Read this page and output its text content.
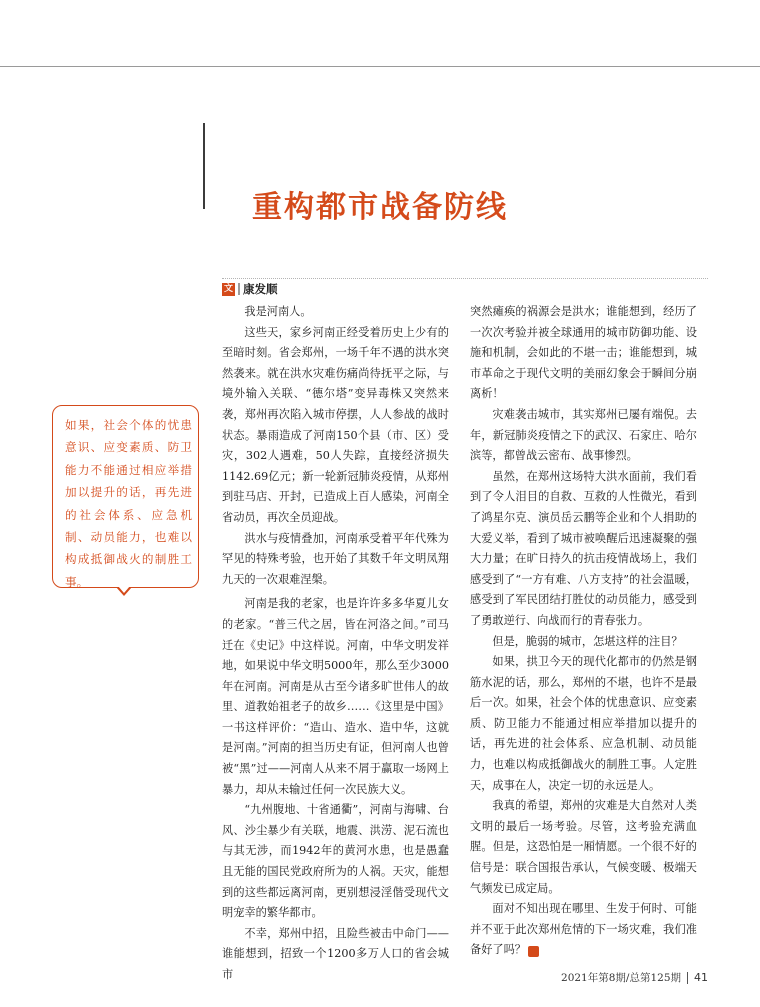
重构都市战备防线
文 康发顺

我是河南人。

这些天，家乡河南正经受着历史上少有的至暗时刻。省会郑州，一场千年不遇的洪水突然袭来。就在洪水灾难伤痛尚待抚平之际，与境外输入关联、“德尔塔”变异毒株又突然来袭，郑州再次陷入城市停摆，人人参战的战时状态。暴雨造成了河南150个县（市、区）受灾，302人遇难，50人失踪，直接经济损失1142.69亿元；新一轮新冠肺炎疫情，从郑州到驻马店、开封，已造成上百人感染，河南全省动员，再次全员迎战。

洪水与疫情叠加，河南承受着平年代殊为罕见的特殊考验，也开始了其数千年文明凤翔九天的一次艰难涅槃。

河南是我的老家，也是许许多多华夏儿女的老家。“普三代之居，皆在河洛之间。”司马迁在《史记》中这样说。河南，中华文明发祥地，如果说中华文明5000年，那么至少3000年在河南。河南是从古至今诸多旷世伟人的故里、道教始祖老子的故乡……《这里是中国》一书这样评价：“造山、造水、造中华，这就是河南。”河南的担当历史有证，但河南人也曾被“黑”过——河南人从来不屑于赢取一场网上暴力，却从未输过任何一次民族大义。

“九州腹地、十省通衢”，河南与海啸、台风、沙尘暴少有关联，地震、洪涝、泥石流也与其无涉，而1942年的黄河水患，也是愚蠢且无能的国民党政府所为的人祸。天灾，能想到的这些都远离河南，更别想浸淫偕受现代文明宠幸的繁华都市。

不幸，郑州中招，且险些被击中命门——谁能想到，招致一个1200多万人口的省会城市

突然瘫痪的祸源会是洪水；谁能想到，经历了一次次考验并被全球通用的城市防御功能、设施和机制，会如此的不堪一击；谁能想到，城市革命之于现代文明的美丽幻象会于瞬间分崩离析！

灾难袭击城市，其实郑州已屡有端倪。去年，新冠肺炎疫情之下的武汉、石家庄、哈尔滨等，都曾战云密布、战事惨烈。

虽然，在郑州这场特大洪水面前，我们看到了令人泪目的自救、互救的人性微光，看到了鸿星尔克、演员岳云鹏等企业和个人捐助的大爱义举，看到了城市被唤醒后迅速凝聚的强大力量；在旷日持久的抗击疫情战场上，我们感受到了“一方有难、八方支持”的社会温暖，感受到了军民团结打胜仗的动员能力，感受到了勇敢逆行、向战而行的青春张力。

但是，脆弱的城市，怎堪这样的注目？

如果，拱卫今天的现代化都市的仍然是钢筋水泥的话，那么，郑州的不堪，也许不是最后一次。如果，社会个体的忧患意识、应变素质、防卫能力不能通过相应举措加以提升的话，再先进的社会体系、应急机制、动员能力，也难以构成抵御战火的制胜工事。人定胜天，成事在人，决定一切的永远是人。

我真的希望，郑州的灾难是大自然对人类文明的最后一场考验。尽管，这考验充满血腥。但是，这恐怕是一厢情愿。一个很不好的信号是：联合国报告承认，气候变暖、极端天气频发已成定局。

面对不知出现在哪里、生发于何时、可能并不亚于此次郑州危情的下一场灾难，我们准备好了吗？	G

如果，社会个体的忧患意识、应变素质、防卫能力不能通过相应举措加以提升的话，再先进的社会体系、应急机制、动员能力，也难以构成抵御战火的制胜工事。
2021年第8期/总第125期 41
